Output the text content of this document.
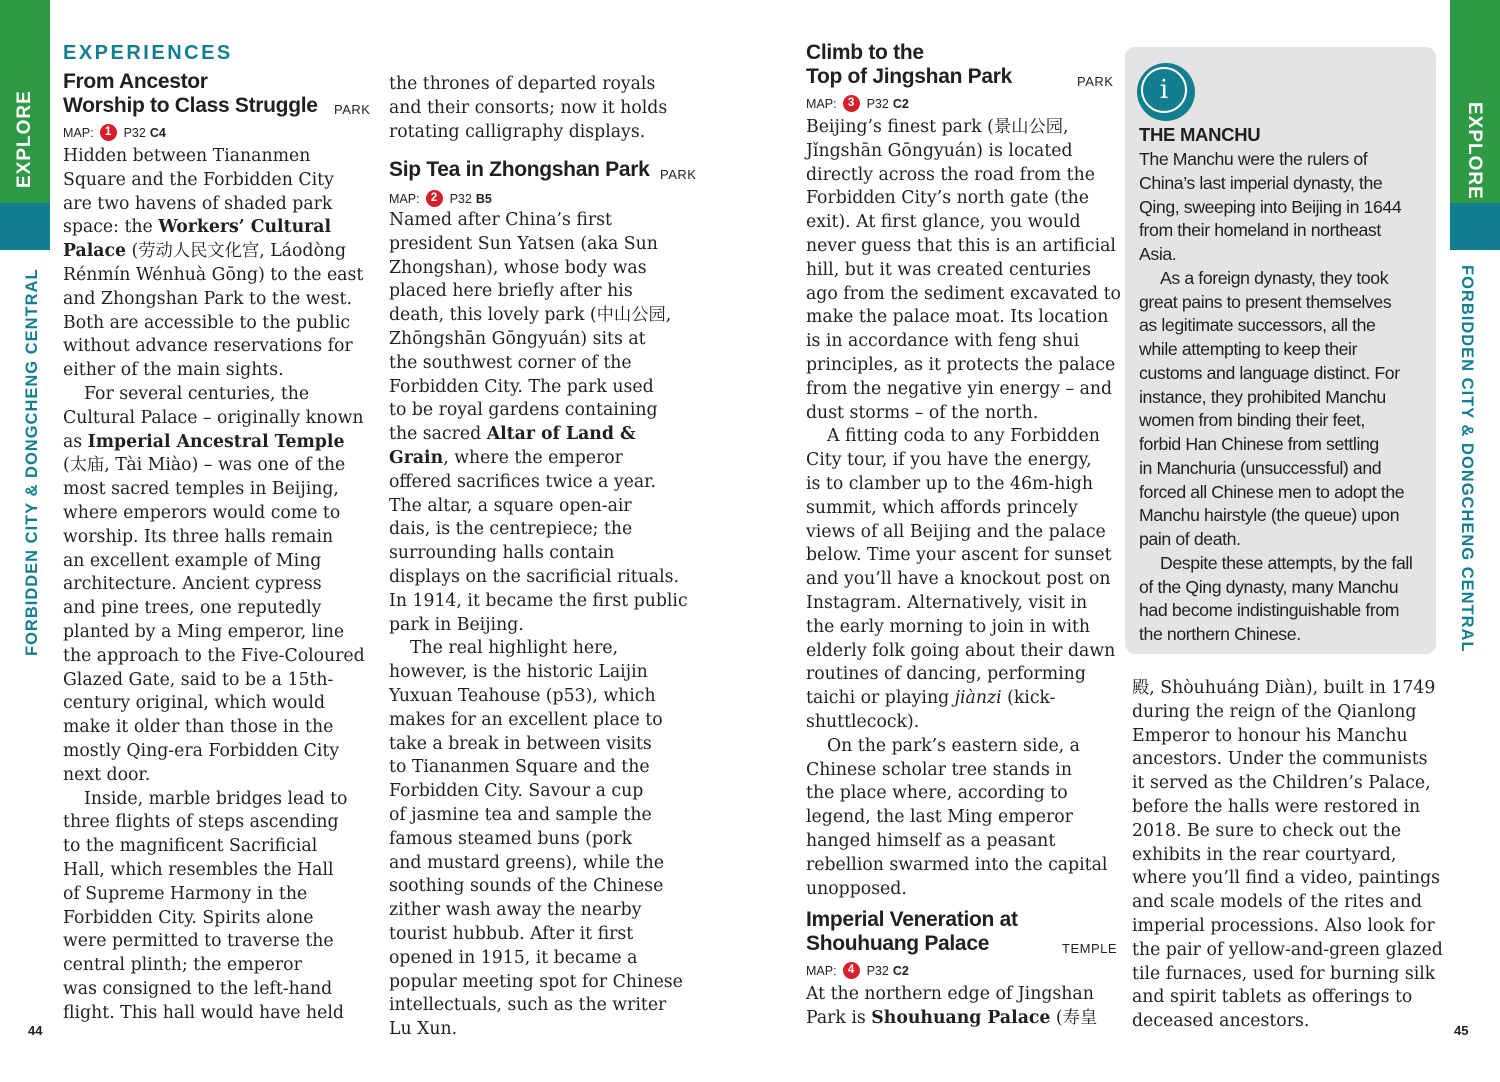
EXPLORE
FORBIDDEN CITY & DONGCHENG CENTRAL
EXPLORE
FORBIDDEN CITY & DONGCHENG CENTRAL
EXPERIENCES
From Ancestor
Worship to Class Struggle PARK
MAP: 1 P32 C4
Hidden between Tiananmen
Square and the Forbidden City
are two havens of shaded park
space: the Workers’ Cultural
Palace (劳动人民文化宫, Láodòng
Rénmín Wénhuà Gōng) to the east
and Zhongshan Park to the west.
Both are accessible to the public
without advance reservations for
either of the main sights.
For several centuries, the
Cultural Palace – originally known
as Imperial Ancestral Temple
(太庙, Tài Miào) – was one of the
most sacred temples in Beijing,
where emperors would come to
worship. Its three halls remain
an excellent example of Ming
architecture. Ancient cypress
and pine trees, one reputedly
planted by a Ming emperor, line
the approach to the Five-Coloured
Glazed Gate, said to be a 15th-
century original, which would
make it older than those in the
mostly Qing-era Forbidden City
next door.
Inside, marble bridges lead to
three flights of steps ascending
to the magnificent Sacrificial
Hall, which resembles the Hall
of Supreme Harmony in the
Forbidden City. Spirits alone
were permitted to traverse the
central plinth; the emperor
was consigned to the left-hand
flight. This hall would have held
the thrones of departed royals
and their consorts; now it holds
rotating calligraphy displays.
Sip Tea in Zhongshan Park PARK
MAP: 2 P32 B5
Named after China’s first
president Sun Yatsen (aka Sun
Zhongshan), whose body was
placed here briefly after his
death, this lovely park (中山公园,
Zhōngshān Gōngyuán) sits at
the southwest corner of the
Forbidden City. The park used
to be royal gardens containing
the sacred Altar of Land &
Grain, where the emperor
offered sacrifices twice a year.
The altar, a square open-air
dais, is the centrepiece; the
surrounding halls contain
displays on the sacrificial rituals.
In 1914, it became the first public
park in Beijing.
The real highlight here,
however, is the historic Laijin
Yuxuan Teahouse (p53), which
makes for an excellent place to
take a break in between visits
to Tiananmen Square and the
Forbidden City. Savour a cup
of jasmine tea and sample the
famous steamed buns (pork
and mustard greens), while the
soothing sounds of the Chinese
zither wash away the nearby
tourist hubbub. After it first
opened in 1915, it became a
popular meeting spot for Chinese
intellectuals, such as the writer
Lu Xun.
Climb to the
Top of Jingshan Park	PARK
MAP: 3 P32 C2
Beijing’s finest park (景山公园,
Jǐngshān Gōngyuán) is located
directly across the road from the
Forbidden City’s north gate (the
exit). At first glance, you would
never guess that this is an artificial
hill, but it was created centuries
ago from the sediment excavated to
make the palace moat. Its location
is in accordance with feng shui
principles, as it protects the palace
from the negative yin energy – and
dust storms – of the north.
A fitting coda to any Forbidden
City tour, if you have the energy,
is to clamber up to the 46m-high
summit, which affords princely
views of all Beijing and the palace
below. Time your ascent for sunset
and you’ll have a knockout post on
Instagram. Alternatively, visit in
the early morning to join in with
elderly folk going about their dawn
routines of dancing, performing
taichi or playing jiànzi (kick-
shuttlecock).
On the park’s eastern side, a
Chinese scholar tree stands in
the place where, according to
legend, the last Ming emperor
hanged himself as a peasant
rebellion swarmed into the capital
unopposed.
Imperial Veneration at
Shouhuang Palace	TEMPLE
MAP: 4 P32 C2
At the northern edge of Jingshan
Park is Shouhuang Palace (寿皇
i
THE MANCHU
The Manchu were the rulers of
China’s last imperial dynasty, the
Qing, sweeping into Beijing in 1644
from their homeland in northeast
Asia.
As a foreign dynasty, they took
great pains to present themselves
as legitimate successors, all the
while attempting to keep their
customs and language distinct. For
instance, they prohibited Manchu
women from binding their feet,
forbid Han Chinese from settling
in Manchuria (unsuccessful) and
forced all Chinese men to adopt the
Manchu hairstyle (the queue) upon
pain of death.
Despite these attempts, by the fall
of the Qing dynasty, many Manchu
had become indistinguishable from
the northern Chinese.
殿, Shòuhuáng Diàn), built in 1749
during the reign of the Qianlong
Emperor to honour his Manchu
ancestors. Under the communists
it served as the Children’s Palace,
before the halls were restored in
2018. Be sure to check out the
exhibits in the rear courtyard,
where you’ll find a video, paintings
and scale models of the rites and
imperial processions. Also look for
the pair of yellow-and-green glazed
tile furnaces, used for burning silk
and spirit tablets as offerings to
deceased ancestors.
44	45
